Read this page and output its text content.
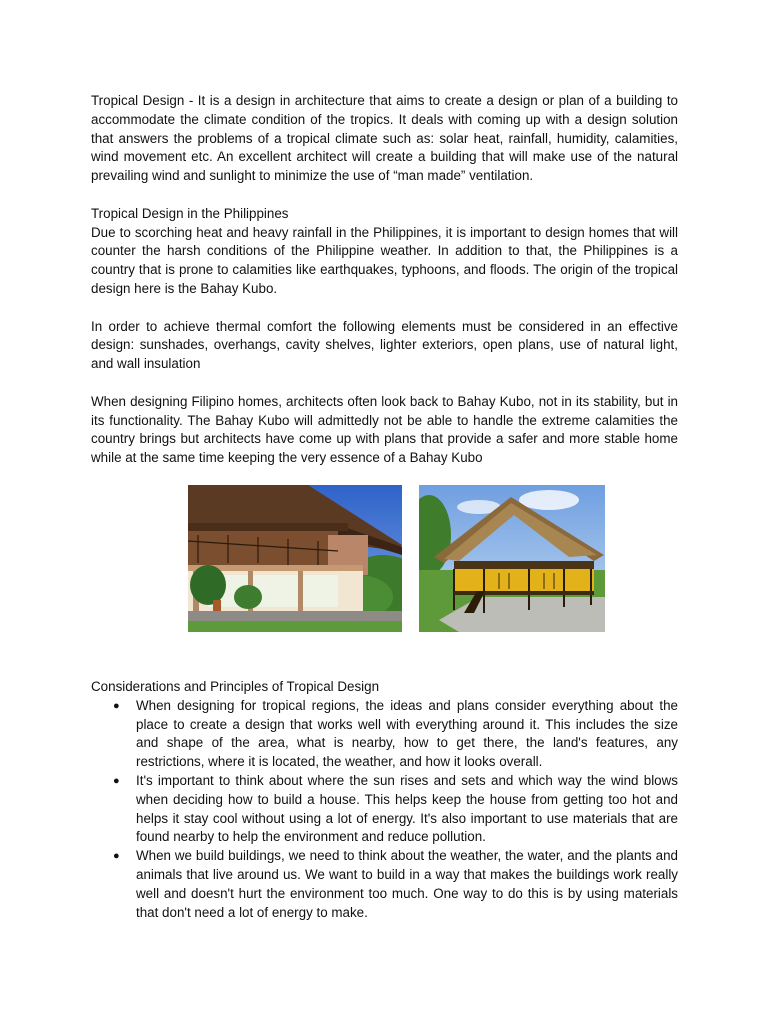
Tropical Design - It is a design in architecture that aims to create a design or plan of a building to accommodate the climate condition of the tropics. It deals with coming up with a design solution that answers the problems of a tropical climate such as: solar heat, rainfall, humidity, calamities, wind movement etc. An excellent architect will create a building that will make use of the natural prevailing wind and sunlight to minimize the use of “man made” ventilation.

Tropical Design in the Philippines

Due to scorching heat and heavy rainfall in the Philippines, it is important to design homes that will counter the harsh conditions of the Philippine weather. In addition to that, the Philippines is a country that is prone to calamities like earthquakes, typhoons, and floods. The origin of the tropical design here is the Bahay Kubo.

In order to achieve thermal comfort the following elements must be considered in an effective design: sunshades, overhangs, cavity shelves, lighter exteriors, open plans, use of natural light, and wall insulation

When designing Filipino homes, architects often look back to Bahay Kubo, not in its stability, but in its functionality. The Bahay Kubo will admittedly not be able to handle the extreme calamities the country brings but architects have come up with plans that provide a safer and more stable home while at the same time keeping the very essence of a Bahay Kubo

Considerations and Principles of Tropical Design

● When designing for tropical regions, the ideas and plans consider everything about the place to create a design that works well with everything around it. This includes the size and shape of the area, what is nearby, how to get there, the land's features, any restrictions, where it is located, the weather, and how it looks overall.
● It's important to think about where the sun rises and sets and which way the wind blows when deciding how to build a house. This helps keep the house from getting too hot and helps it stay cool without using a lot of energy. It's also important to use materials that are found nearby to help the environment and reduce pollution.
● When we build buildings, we need to think about the weather, the water, and the plants and animals that live around us. We want to build in a way that makes the buildings work really well and doesn't hurt the environment too much. One way to do this is by using materials that don't need a lot of energy to make.
